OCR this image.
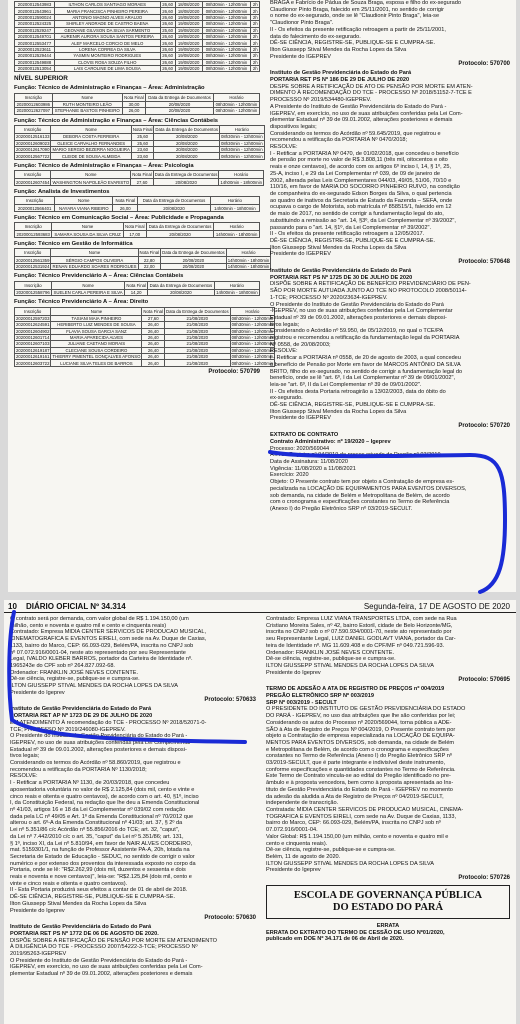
20200012543983	ILTHON CARLOS SANTIAGO MORAES	26,60	18/08/2020	08h30min - 12h00min	2h
20200012543961	MARIA FRANCISCA PINHEIRO PEREIRA	26,60	18/08/2020	08h30min - 12h00min	2h
20200012590024	ANTONIO MAGNO ALVES ARAUJO	26,60	19/08/2020	08h30min - 12h00min	2h
20200012524325	SHIRLEY ANDRADE DE CASTRO BAENA	26,60	19/08/2020	08h30min - 12h00min	2h
20200012529247	GEOVANE GILVSON DA SILVA SARMENTO	25,60	19/08/2020	08h30min - 12h00min	2h
20200012549701	AURENIR AURORA SOUSA SANTOS PEREIRA	26,60	19/08/2020	08h30min - 12h00min	2h
20200012553477	ALEF MARCELO CORCIO DE MELO	26,60	19/08/2020	08h30min - 12h00min	2h
20200012523611	LORENA CORREA DA SILVA	26,60	19/08/2020	08h30min - 12h00min	2h
20200012529444	YASMIN MONTEIRO RODRIGUES	26,60	19/08/2020	08h30min - 12h00min	2h
20200012549888	CLOVIS ROSA SOUZA FILHO	26,60	19/08/2020	08h30min - 12h00min	2h
20200012513054	LAIS CAROLINE DE LIMA SOUSA	26,60	19/08/2020	08h30min - 12h00min	2h

NÍVEL SUPERIOR

Função: Técnico de Administração e Finanças – Área: Administração

Inscrição	Nome	Nota Final	Data da Entrega de Documentos	Horário
20200012603986	RUTH MONTEIRO LEÃO	30,00	20/08/2020	08h30min - 12h00min
20200012627097	STEPHANIE BASTOS PINHEIRO	26,00	20/08/2020	08h30min - 12h00min

Função: Técnico de Administração e Finanças – Área: Ciências Contábeis

Inscrição	Nome	Nota Final	Data da Entrega de Documentos	Horário
20200012516133	DEBORA COSTA FERREIRA	25,60	20/08/2020	08h30min - 12h00min
20200012609023	GLEICE CARVALHO FERNANDES	25,60	20/08/2020	08h30min - 12h00min
20200012617090	MARIO SERGIO BEZERRA NOGUEIRA	23,60	20/08/2020	08h30min - 12h00min
20200012567722	CLEIDE DE SOUSA ALMEIDA	23,60	20/08/2020	08h30min - 12h00min

Função: Técnico de Administração e Finanças – Área: Psicologia

Inscrição	Nome	Nota Final	Data da Entrega de Documentos	Horário
20200012607454	WASHINGTON NAPOLEÃO EVARISTO	27,60	20/08/2020	14h00min - 18h00min

Função: Analista de Investimentos

Inscrição	Nome	Nota Final	Data da Entrega de Documentos	Horário
20200012566401	NAYARA VIANA RIBEIRO	26,00	20/08/2020	14h00min - 18h00min

Função: Técnico em Comunicação Social – Área: Publicidade e Propaganda

Inscrição	Nome	Nota Final	Data da Entrega de Documentos	Horário
20200012593683	SAMARA SOUSA DA SILVA CRUZ	17,00	20/08/2020	14h00min - 18h00min

Função: Técnico em Gestão de Informática

Inscrição	Nome	Nota Final	Data da Entrega de Documentos	Horário
20200012561359	SÉRGIO CAMPOS OLIVEIRA	22,80	20/08/2020	14h00min - 18h00min
20200012531924	RENAN EDUARDO SOARES RODRIGUES	22,00	20/08/2020	14h00min - 18h00min

Função: Técnico Previdenciário A – Área: Ciências Contábeis

Inscrição	Nome	Nota Final	Data da Entrega de Documentos	Horário
20200012558796	SUELEN CARLA PEREIRA E SILVA	14,20	20/08/2020	14h00min - 18h00min

Função: Técnico Previdenciário A – Área: Direito

Inscrição	Nome	Nota Final	Data da Entrega de Documentos	Horário
20200012597203	TASIANI MAIA PINHEIRO	27,60	21/08/2020	08h30min - 12h00min
20200012624591	HERIBERTO LUIZ MENDES DE SOUSA	26,40	21/08/2020	08h30min - 12h00min
20200012604902	FLAVIA SOUSA GARCIA SANZ	26,40	21/08/2020	08h30min - 12h00min
20200012601714	MARIA APARECIDA ALVES	26,40	21/08/2020	08h30min - 12h00min
20200012607103	JULIANE CAETANO MORAIS	26,40	21/08/2020	08h30min - 12h00min
20200012619187	CLECIANE SOUSA CORDEIRO	26,40	21/08/2020	08h30min - 12h00min
20200012619161	THIERRY PIMENTEL GONÇALVES AFONSO	26,40	21/08/2020	08h30min - 12h00min
20200012603722	LUCIANE SILVA TELES DE BARROS	26,40	21/08/2020	08h30min - 12h00min

Protocolo: 570799

BRAGA e Fabrício de Pádua de Souza Braga, esposa e filho do ex-segurado

Claudionor Pinto Braga, falecido em 25/11/2001, no sentido de corrigir

o nome do ex-segurado, onde se lê "Claudionir Pinto Braga", leia-se

"Claudionor Pinto Braga".

II - Os efeitos da presente retificação retroagem a partir de 25/11/2001,

data do falecimento do ex-segurado.

DÊ-SE CIÊNCIA, REGISTRE-SE, PUBLIQUE-SE E CUMPRA-SE.

Ilton Giussepp Stival Mendes da Rocha Lopes da Silva

Presidente do IGEPREV

Protocolo: 570700

Instituto de Gestão Previdenciária do Estado do Pará

PORTARIA RET PS Nº 186 DE 29 DE JULHO DE 2020

DESPE SOBRE A RETIFICAÇÃO DE ATO DE PENSÃO POR MORTE EM ATEN-

DIMENTO À RECOMENDAÇÃO DO TCE - PROCESSO Nº 2018/51152-7-TCE E

PROCESSO Nº 2019/534480-IGEPREV.

A Presidente do Instituto de Gestão Previdenciária do Estado do Pará -

IGEPREV, em exercício, no uso de suas atribuições conferidas pela Lei Com-

plementar Estadual nº 39 de 09.01.2002, alterações posteriores e demais

dispositivos legais;

Considerando os termos do Acórdão nº 59.645/2019, que registrou e

recomendou a retificação da PORTARIA Nº 0470/2018;

RESOLVE:

I - Retificar a PORTARIA Nº 0470, de 01/02/2018, que concedeu o benefício

de pensão por morte no valor de R$ 3.808,11 (três mil, oitocentos e oito

reais e onze centavos), de acordo com os artigos 6º inciso I, 14, § 1º, 25,

25-A, inciso I, e 29 da Lei Complementar nº 039, de 09 de janeiro de

2002, alterada pelas Leis Complementares 044/03, 49/05, 51/06, 70/10 e

110/16, em favor de MARIA DO SOCORRO PINHEIRO RUIVO, na condição

de companheira do ex-segurado Edson Borges da Silva, o qual pertencia

ao quadro de inativos da Secretaria de Estado da Fazenda – SEFA, onde

ocupava o cargo de Motorista, sob matrícula nº 858515/1, falecido em 12

de maio de 2017, no sentido de corrigir a fundamentação legal do ato,

substituindo a remissão ao "art. 14, §3º, da Lei Complementar nº 39/2002",

passando para o "art. 14, §1º, da Lei Complementar nº 39/2002".

II - Os efeitos da presente retificação retroagem a 12/05/2017.

DÊ-SE CIÊNCIA, REGISTRE-SE, PUBLIQUE-SE E CUMPRA-SE.

Ilton Giussepp Stival Mendes da Rocha Lopes da Silva

Presidente do IGEPREV

Protocolo: 570648

Instituto de Gestão Previdenciária do Estado do Pará

PORTARIA RET PS Nº 1725 DE 30 DE JULHO DE 2020

DISPÕE SOBRE A RETIFICAÇÃO DE BENEFÍCIO PREVIDENCIÁRIO DE PEN-

SÃO POR MORTE AUTUADA JUNTO AO TCE NO PROTOCOLO 2008/50114-

1-TCE; PROCESSO Nº 2020/23634-IGEPREV.

O Presidente do Instituto de Gestão Previdenciária do Estado do Pará

-IGEPREV, no uso de suas atribuições conferidas pela Lei Complementar

Estadual nº 39 de 09.01.2002, alterações posteriores e demais disposi-

tivos legais;

Considerando o Acórdão nº 59.950, de 05/12/2019, no qual o TCE/PA

registrou e recomendou a retificação da fundamentação legal da PORTARIA

Nº 0558, de 20/08/2003;

RESOLVE:

I - Retificar a PORTARIA nº 0558, de 20 de agosto de 2003, a qual concedeu

o benefício de Pensão por Morte em favor de MARCOS ANTÔNIO DA SILVA

BRITO, filho do ex-segurado, no sentido de corrigir a fundamentação legal do

benefício, onde se lê "art. 6º, I da Lei Complementar nº 39 de 09/01/2002",

leia-se "art. 6º, II da Lei Complementar nº 39 de 09/01/2002".

II - Os efeitos desta Portaria retroagirão a 13/02/2003, data do óbito do

ex-segurado.

DÊ-SE CIÊNCIA, REGISTRE-SE, PUBLIQUE-SE E CUMPRA-SE.

Ilton Giussepp Stival Mendes da Rocha Lopes da Silva

Presidente do IGEPREV

Protocolo: 570720

EXTRATO DE CONTRATO

Contrato Administrativo: nº 19/2020 – Igeprev

Processo: 2020/569044

ATA de Registro nº 04/2019 de preços oriundo do Pregão nº 03/2019

Data de Assinatura: 11/08/2020

Vigência: 11/08/2020 a 11/08/2021

Exercício: 2020

Objeto: O Presente contrato tem por objeto a Contratação de empresa es-

pecializada na LOCAÇÃO DE EQUIPAMENTOS PARA EVENTOS DIVERSOS,

sob demanda, na cidade de Belém e Metropolitana de Belém, de acordo

com o cronograma e especificações constantes no Termo de Referência

(Anexo I) do Pregão Eletrônico SRP nº 03/2019-SECULT.

10 DIÁRIO OFICIAL Nº 34.314	Segunda-feira, 17 DE AGOSTO DE 2020

O contrato será por demanda, com valor global de R$ 1.194.150,00 (um

milhão, cento e noventa e quatro mil e cento e cinquenta reais)

Contratado: Empresa MIDIA CENTER SERVICOS DE PRODUCAO MUSICAL,

CINEMATOGRAFICA E EVENTOS EIRELI, com sede na Av. Duque de Caxias,

1133, bairro do Marco, CEP: 66.093-029, Belém/PA, inscrita no CNPJ sob

nº 07.072.916/0001-04, neste ato representado por seu Representante

Legal, IVALDO KLEBER BARROS, portador da Carteira de Identidade nº.

1965243e do CPF sob nº 264.827.092-68.

Ordenador: FRANKLIN JOSÉ NEVES CONTENTE.

Dê-se ciência, registre-se, publique-se e cumpra-se.

ILTON GIUSSEPP STIVAL MENDES DA ROCHA LOPES DA SILVA

Presidente do Igeprev

Protocolo: 570633

Instituto de Gestão Previdenciária do Estado do Pará

PORTARIA RET AP Nº 1723 DE 29 DE JULHO DE 2020

EM ATENDIMENTO À recomendação do TCE - PROCESSO Nº 2018/52071-0-

TCE; PROCESSO Nº 2019/246080-IGEPREV.

O Presidente do Instituto de Gestão Previdenciária do Estado do Pará -

IGEPREV, no uso de suas atribuições conferidas pela Lei Complementar

Estadual nº 39 de 09.01.2002, alterações posteriores e demais disposi-

tivos legais;

Considerando os termos do Acórdão nº 58.860/2019, que registrou e

recomendou a retificação da PORTARIA Nº 1130/2018;

RESOLVE:

I - Retificar a PORTARIA Nº 1130, de 20/03/2018, que concedeu

aposentadoria voluntária no valor de R$ 2.125,84 (dois mil, cento e vinte e

cinco reais e oitenta e quatro centavos), de acordo com o art. 40, §1º, inciso

I, da Constituição Federal, na redação que lhe deu a Emenda Constitucional

nº 41/03, artigos 16 e 18 da Lei Complementar nº 039/02 com redação

dada pela LC nº 49/05 e Art. 1º da Emenda Constitucional nº 70/2012 que

alterou o art. 6º-A da Emenda Constitucional nº 41/03; art. 37, § 2º da

Lei nº 5.351/86 c/c Acórdão nº 55.856/2016 do TCE; art. 32, "caput",

da Lei nº 7.442/2010 c/c o art. 35, "caput" da Lei nº 5.351/86; art. 131,

§ 1º, inciso XI, da Lei nº 5.810/94, em favor de NAIR ALVES CORDEIRO,

mat. 5159301/1, na função de Professor Assistente PA-A, 20h, lotada na

Secretaria de Estado de Educação - SEDUC, no sentido de corrigir o valor

numérico e por extenso dos proventos da interessada exposto no corpo da

Portaria, onde se lê: "R$2.262,99 (dois mil, duzentos e sessenta e dois

reais e noventa e nove centavos)", leia-se: "R$2.125,84 (dois mil, cento e

vinte e cinco reais e oitenta e quatro centavos).

II - Esta Portaria produzirá seus efeitos a contar de 01 de abril de 2018.

DÊ-SE CIÊNCIA, REGISTRE-SE, PUBLIQUE-SE E CUMPRA-SE.

Ilton Giussepp Stival Mendes da Rocha Lopes da Silva

Presidente do Igeprev

Protocolo: 570630

Instituto de Gestão Previdenciária do Estado do Pará

PORTARIA RET PS Nº 1772 DE 06 DE AGOSTO DE 2020.

DISPÕE SOBRE A RETIFICAÇÃO DE PENSÃO POR MORTE EM ATENDIMENTO

À DILIGÊNCIA DO TCE - PROCESSO 2007/54222-3-TCE; PROCESSO Nº

2019/95263-IGEPREV

O Presidente do Instituto de Gestão Previdenciária do Estado do Pará -

IGEPREV, em exercício, no uso de suas atribuições conferidas pela Lei Com-

plementar Estadual nº 39 de 09.01.2002, alterações posteriores e demais

Contratado: Empresa LUIZ VIANA TRANSPORTES LTDA, com sede na Rua

Cristiano Moreira Sales, nº 42, bairro Estoril, cidade de Belo Horizonte/MG,

inscrita no CNPJ sob o nº 07.590.934/0001-70, neste ato representado por

seu Representante Legal, LUIZ DANIEL GODLAVT VIANA, portador da Car-

teira de Identidade nº. MG 11.609.408 e do CPF/MF nº 049.721.596-93.

Ordenador: FRANKLIN JOSÉ NEVES CONTENTE.

Dê-se ciência, registre-se, publique-se e cumpra-se.

ILTON GIUSSEPP STIVAL MENDES DA ROCHA LOPES DA SILVA

Presidente do Igeprev

Protocolo: 570695

TERMO DE ADESÃO A ATA DE REGISTRO DE PREÇOS nº 004/2019

PREGÃO ELETRÔNICO SRP Nº 003/2019

SRP Nº 003/2019 - SECULT

O PRESIDENTE DO INSTITUTO DE GESTÃO PREVIDENCIÁRIA DO ESTADO

DO PARÁ - IGEPREV, no uso das atribuições que lhe são conferidas por lei;

Considerando os autos do Processo nº 2020/569044, torna pública a ADE-

SÃO à Ata de Registro de Preços Nº 004/2019, O Presente contrato tem por

objeto a Contratação de empresa especializada na LOCAÇÃO DE EQUIPA-

MENTOS PARA EVENTOS DIVERSOS, sob demanda, na cidade de Belém

e Metropolitana de Belém, de acordo com o cronograma e especificações

constantes no Termo de Referência (Anexo I) do Pregão Eletrônico SRP nº

03/2019-SECULT, que é parte integrante e indivisível deste instrumento,

conforme especificações e quantidades constantes no Termo de Referência.

Este Termo de Contrato vincula-se ao edital do Pregão identificado no pre-

âmbulo e à proposta vencedora, bem como à proposta apresentada ao Ins-

tituto de Gestão Previdenciária do Estado do Pará - IGEPREV no momento

da adesão da aludida a Ata de Registro de Preços nº 04/2019-SECULT,

independente de transcrição.

Contratada: MIDIA CENTER SERVICOS DE PRODUCAO MUSICAL, CINEMA-

TOGRAFICA E EVENTOS EIRELI, com sede na Av. Duque de Caxias, 1133,

bairro do Marco, CEP: 66.093-029, Belém/PA, inscrita no CNPJ sob nº

07.072.916/0001-04.

Valor Global: R$ 1.194.150,00 (um milhão, cento e noventa e quatro mil e

cento e cinquenta reais).

Dê-se ciência, registre-se, publique-se e cumpra-se.

Belém, 11 de agosto de 2020.

ILTON GIUSSEPP STIVAL MENDES DA ROCHA LOPES DA SILVA

Presidente do Igeprev

Protocolo: 570726

ESCOLA DE GOVERNANÇA PÚBLICA

DO ESTADO DO PARÁ

ERRATA

ERRATA DO EXTRATO DO TERMO DE CESSÃO DE USO Nº01/2020,

publicado em DOE Nº 34.171 de 06 de Abril de 2020.
